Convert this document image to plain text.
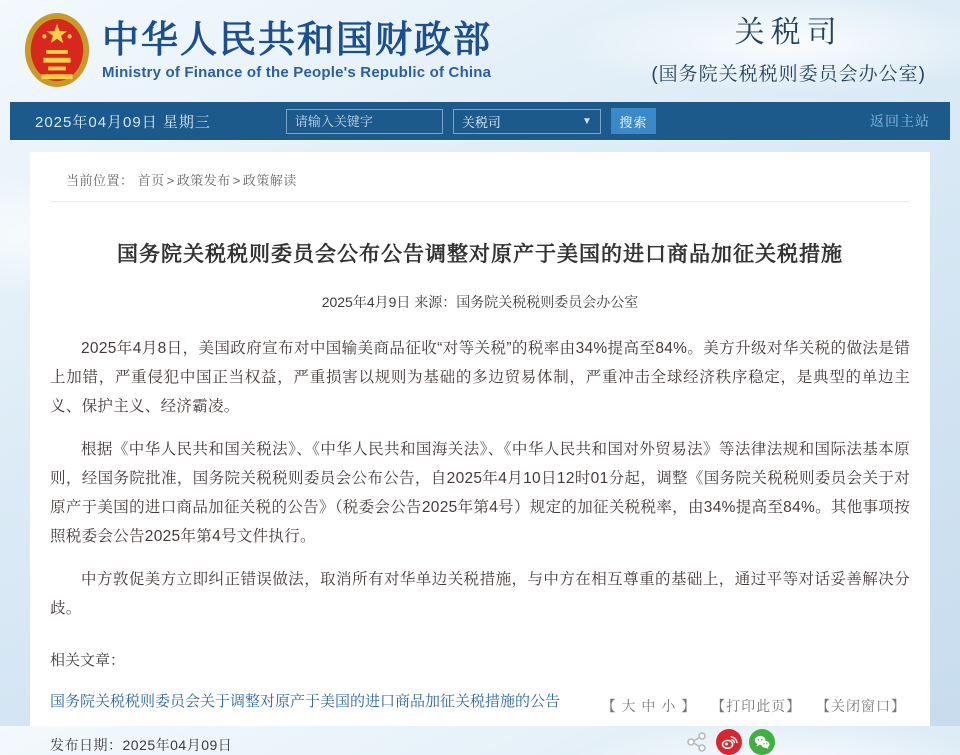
中华人民共和国财政部
Ministry of Finance of the People's Republic of China
关税司
(国务院关税税则委员会办公室)
2025年04月09日 星期三
请输入关键字	关税司	▼	搜索	返回主站
当前位置： 首页 > 政策发布 > 政策解读
国务院关税税则委员会公布公告调整对原产于美国的进口商品加征关税措施
2025年4月9日 来源：国务院关税税则委员会办公室

2025年4月8日，美国政府宣布对中国输美商品征收“对等关税”的税率由34%提高至84%。美方升级对华关税的做法是错上加错，严重侵犯中国正当权益，严重损害以规则为基础的多边贸易体制，严重冲击全球经济秩序稳定，是典型的单边主义、保护主义、经济霸凌。

根据《中华人民共和国关税法》、《中华人民共和国海关法》、《中华人民共和国对外贸易法》等法律法规和国际法基本原则，经国务院批准，国务院关税税则委员会公布公告，自2025年4月10日12时01分起，调整《国务院关税税则委员会关于对原产于美国的进口商品加征关税的公告》（税委会公告2025年第4号）规定的加征关税税率，由34%提高至84%。其他事项按照税委会公告2025年第4号文件执行。

中方敦促美方立即纠正错误做法，取消所有对华单边关税措施，与中方在相互尊重的基础上，通过平等对话妥善解决分歧。

相关文章：
国务院关税税则委员会关于调整对原产于美国的进口商品加征关税措施的公告
发布日期：2025年04月09日
【 大 中 小 】 【打印此页】 【关闭窗口】
